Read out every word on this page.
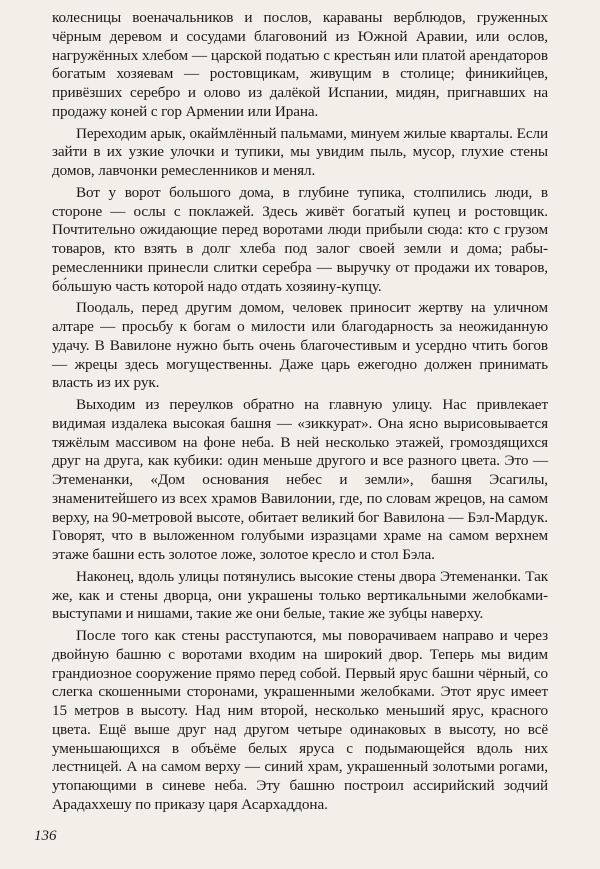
колесницы военачальников и послов, караваны верблюдов, груженных чёрным деревом и сосудами благовоний из Южной Аравии, или ослов, нагружённых хлебом — царской податью с крестьян или платой арендаторов богатым хозяевам — ростовщикам, живущим в столице; финикийцев, привёзших серебро и олово из далёкой Испании, мидян, пригнавших на продажу коней с гор Армении или Ирана.

Переходим арык, окаймлённый пальмами, минуем жилые кварталы. Если зайти в их узкие улочки и тупики, мы увидим пыль, мусор, глухие стены домов, лавчонки ремесленников и менял.

Вот у ворот большого дома, в глубине тупика, столпились люди, в стороне — ослы с поклажей. Здесь живёт богатый купец и ростовщик. Почтительно ожидающие перед воротами люди прибыли сюда: кто с грузом товаров, кто взять в долг хлеба под залог своей земли и дома; рабы-ремесленники принесли слитки серебра — выручку от продажи их товаров, бо́льшую часть которой надо отдать хозяину-купцу.

Поодаль, перед другим домом, человек приносит жертву на уличном алтаре — просьбу к богам о милости или благодарность за неожиданную удачу. В Вавилоне нужно быть очень благочестивым и усердно чтить богов — жрецы здесь могущественны. Даже царь ежегодно должен принимать власть из их рук.

Выходим из переулков обратно на главную улицу. Нас привлекает видимая издалека высокая башня — «зиккурат». Она ясно вырисовывается тяжёлым массивом на фоне неба. В ней несколько этажей, громоздящихся друг на друга, как кубики: один меньше другого и все разного цвета. Это — Этеменанки, «Дом основания небес и земли», башня Эсагилы, знаменитейшего из всех храмов Вавилонии, где, по словам жрецов, на самом верху, на 90-метровой высоте, обитает великий бог Вавилона — Бэл-Мардук. Говорят, что в выложенном голубыми изразцами храме на самом верхнем этаже башни есть золотое ложе, золотое кресло и стол Бэла.

Наконец, вдоль улицы потянулись высокие стены двора Этеменанки. Так же, как и стены дворца, они украшены только вертикальными желобками-выступами и нишами, такие же они белые, такие же зубцы наверху.

После того как стены расступаются, мы поворачиваем направо и через двойную башню с воротами входим на широкий двор. Теперь мы видим грандиозное сооружение прямо перед собой. Первый ярус башни чёрный, со слегка скошенными сторонами, украшенными желобками. Этот ярус имеет 15 метров в высоту. Над ним второй, несколько меньший ярус, красного цвета. Ещё выше друг над другом четыре одинаковых в высоту, но всё уменьшающихся в объёме белых яруса с подымающейся вдоль них лестницей. А на самом верху — синий храм, украшенный золотыми рогами, утопающими в синеве неба. Эту башню построил ассирийский зодчий Арадаххешу по приказу царя Асархаддона.

136
